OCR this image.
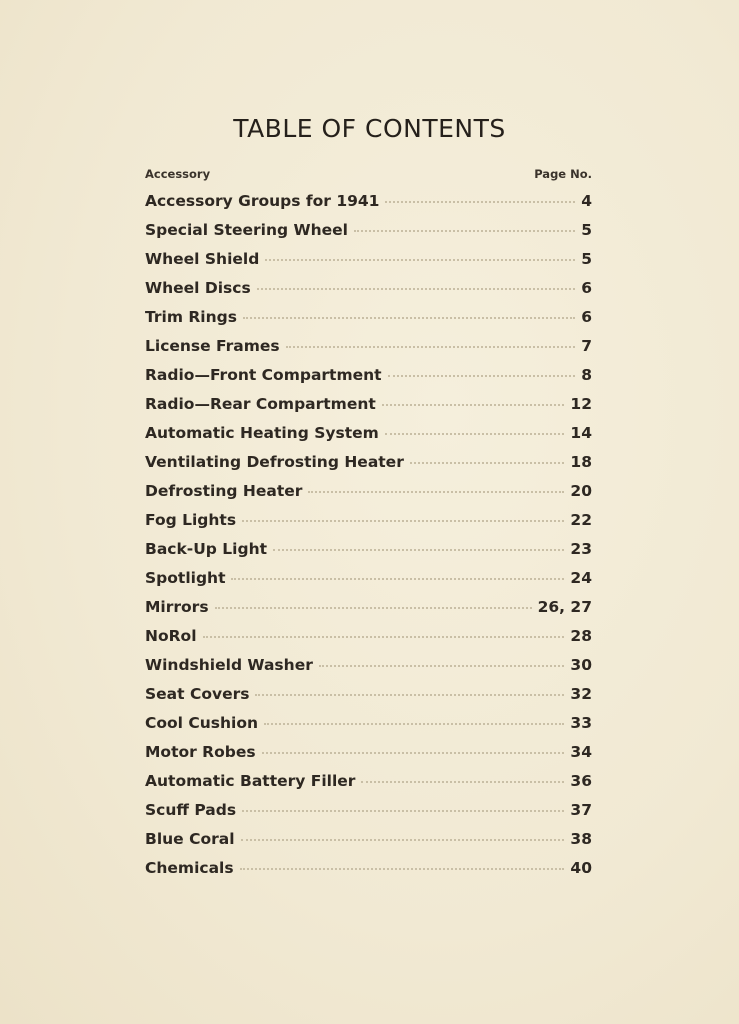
TABLE OF CONTENTS
Accessory	Page No.
Accessory Groups for 1941	4
Special Steering Wheel	5
Wheel Shield	5
Wheel Discs	6
Trim Rings	6
License Frames	7
Radio—Front Compartment	8
Radio—Rear Compartment	12
Automatic Heating System	14
Ventilating Defrosting Heater	18
Defrosting Heater	20
Fog Lights	22
Back-Up Light	23
Spotlight	24
Mirrors	26, 27
NoRol	28
Windshield Washer	30
Seat Covers	32
Cool Cushion	33
Motor Robes	34
Automatic Battery Filler	36
Scuff Pads	37
Blue Coral	38
Chemicals	40
